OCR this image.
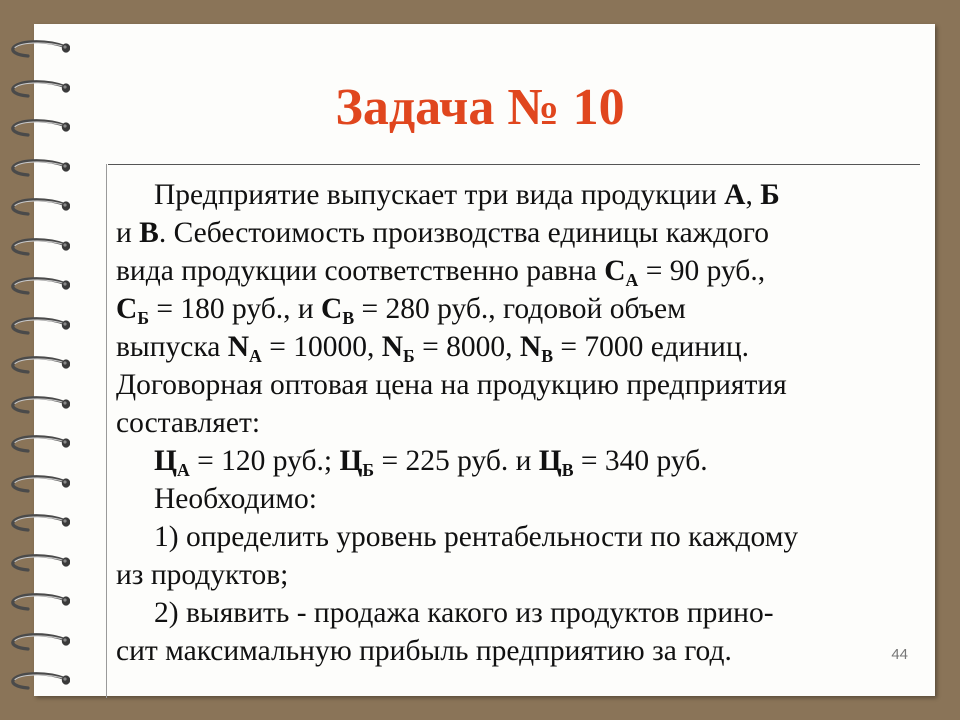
Задача № 10
Предприятие выпускает три вида продукции А, Б
и В. Себестоимость производства единицы каждого
вида продукции соответственно равна $С_А = 90$ руб.,
$С_Б = 180$ руб., и $С_В = 280$ руб., годовой объем
выпуска $N_А = 10000$, $N_Б = 8000$, $N_В = 7000$ единиц.
Договорная оптовая цена на продукцию предприятия
составляет:
$Ц_А = 120$ руб.; $Ц_Б = 225$ руб. и $Ц_В = 340$ руб.
Необходимо:
1) определить уровень рентабельности по каждому
из продуктов;
2) выявить - продажа какого из продуктов прино-
сит максимальную прибыль предприятию за год.	44
